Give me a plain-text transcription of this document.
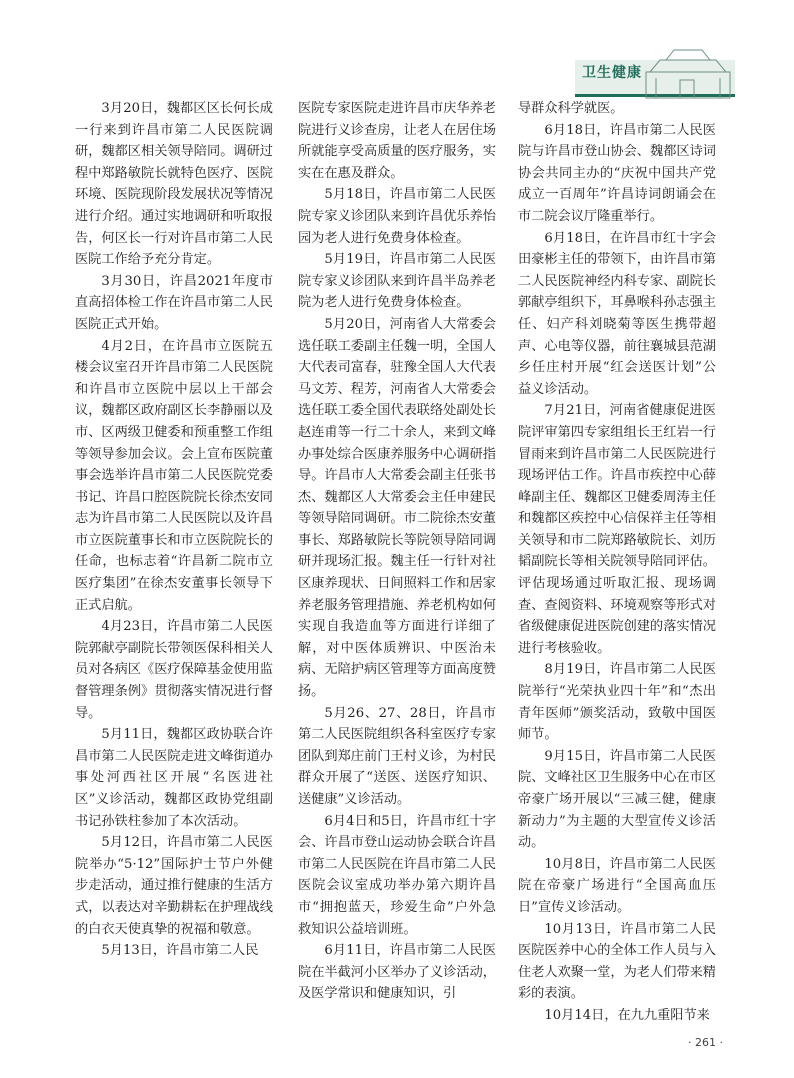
卫生健康

3月20日，魏都区区长何长成一行来到许昌市第二人民医院调研，魏都区相关领导陪同。调研过程中郑路敏院长就特色医疗、医院环境、医院现阶段发展状况等情况进行介绍。通过实地调研和听取报告，何区长一行对许昌市第二人民医院工作给予充分肯定。

3月30日，许昌2021年度市直高招体检工作在许昌市第二人民医院正式开始。

4月2日，在许昌市立医院五楼会议室召开许昌市第二人民医院和许昌市立医院中层以上干部会议，魏都区政府副区长李静丽以及市、区两级卫健委和预重整工作组等领导参加会议。会上宣布医院董事会选举许昌市第二人民医院党委书记、许昌口腔医院院长徐杰安同志为许昌市第二人民医院以及许昌市立医院董事长和市立医院院长的任命，也标志着“许昌新二院市立医疗集团”在徐杰安董事长领导下正式启航。

4月23日，许昌市第二人民医院郭献亭副院长带领医保科相关人员对各病区《医疗保障基金使用监督管理条例》贯彻落实情况进行督导。

5月11日，魏都区政协联合许昌市第二人民医院走进文峰街道办事处河西社区开展“名医进社区”义诊活动，魏都区政协党组副书记孙铁柱参加了本次活动。

5月12日，许昌市第二人民医院举办“5·12”国际护士节户外健步走活动，通过推行健康的生活方式，以表达对辛勤耕耘在护理战线的白衣天使真挚的祝福和敬意。

5月13日，许昌市第二人民

医院专家医院走进许昌市庆华养老院进行义诊查房，让老人在居住场所就能享受高质量的医疗服务，实实在在惠及群众。

5月18日，许昌市第二人民医院专家义诊团队来到许昌优乐养怡园为老人进行免费身体检查。

5月19日，许昌市第二人民医院专家义诊团队来到许昌半岛养老院为老人进行免费身体检查。

5月20日，河南省人大常委会选任联工委副主任魏一明，全国人大代表司富春，驻豫全国人大代表马文芳、程芳，河南省人大常委会选任联工委全国代表联络处副处长赵连甫等一行二十余人，来到文峰办事处综合医康养服务中心调研指导。许昌市人大常委会副主任张书杰、魏都区人大常委会主任申建民等领导陪同调研。市二院徐杰安董事长、郑路敏院长等院领导陪同调研并现场汇报。魏主任一行针对社区康养现状、日间照料工作和居家养老服务管理措施、养老机构如何实现自我造血等方面进行详细了解，对中医体质辨识、中医治未病、无陪护病区管理等方面高度赞扬。

5月26、27、28日，许昌市第二人民医院组织各科室医疗专家团队到郑庄前门王村义诊，为村民群众开展了“送医、送医疗知识、送健康”义诊活动。

6月4日和5日，许昌市红十字会、许昌市登山运动协会联合许昌市第二人民医院在许昌市第二人民医院会议室成功举办第六期许昌市“拥抱蓝天，珍爱生命”户外急救知识公益培训班。

6月11日，许昌市第二人民医院在半截河小区举办了义诊活动，及医学常识和健康知识，引

导群众科学就医。

6月18日，许昌市第二人民医院与许昌市登山协会、魏都区诗词协会共同主办的“庆祝中国共产党成立一百周年”许昌诗词朗诵会在市二院会议厅隆重举行。

6月18日，在许昌市红十字会田豪彬主任的带领下，由许昌市第二人民医院神经内科专家、副院长郭献亭组织下，耳鼻喉科孙志强主任、妇产科刘晓菊等医生携带超声、心电等仪器，前往襄城县范湖乡任庄村开展“红会送医计划”公益义诊活动。

7月21日，河南省健康促进医院评审第四专家组组长王红岩一行冒雨来到许昌市第二人民医院进行现场评估工作。许昌市疾控中心薛峰副主任、魏都区卫健委周涛主任和魏都区疾控中心信保祥主任等相关领导和市二院郑路敏院长、刘历韬副院长等相关院领导陪同评估。评估现场通过听取汇报、现场调查、查阅资料、环境观察等形式对省级健康促进医院创建的落实情况进行考核验收。

8月19日，许昌市第二人民医院举行“光荣执业四十年”和“杰出青年医师”颁奖活动，致敬中国医师节。

9月15日，许昌市第二人民医院、文峰社区卫生服务中心在市区帝豪广场开展以“三减三健，健康新动力”为主题的大型宣传义诊活动。

10月8日，许昌市第二人民医院在帝豪广场进行“全国高血压日”宣传义诊活动。

10月13日，许昌市第二人民医院医养中心的全体工作人员与入住老人欢聚一堂，为老人们带来精彩的表演。

10月14日，在九九重阳节来

· 261 ·
